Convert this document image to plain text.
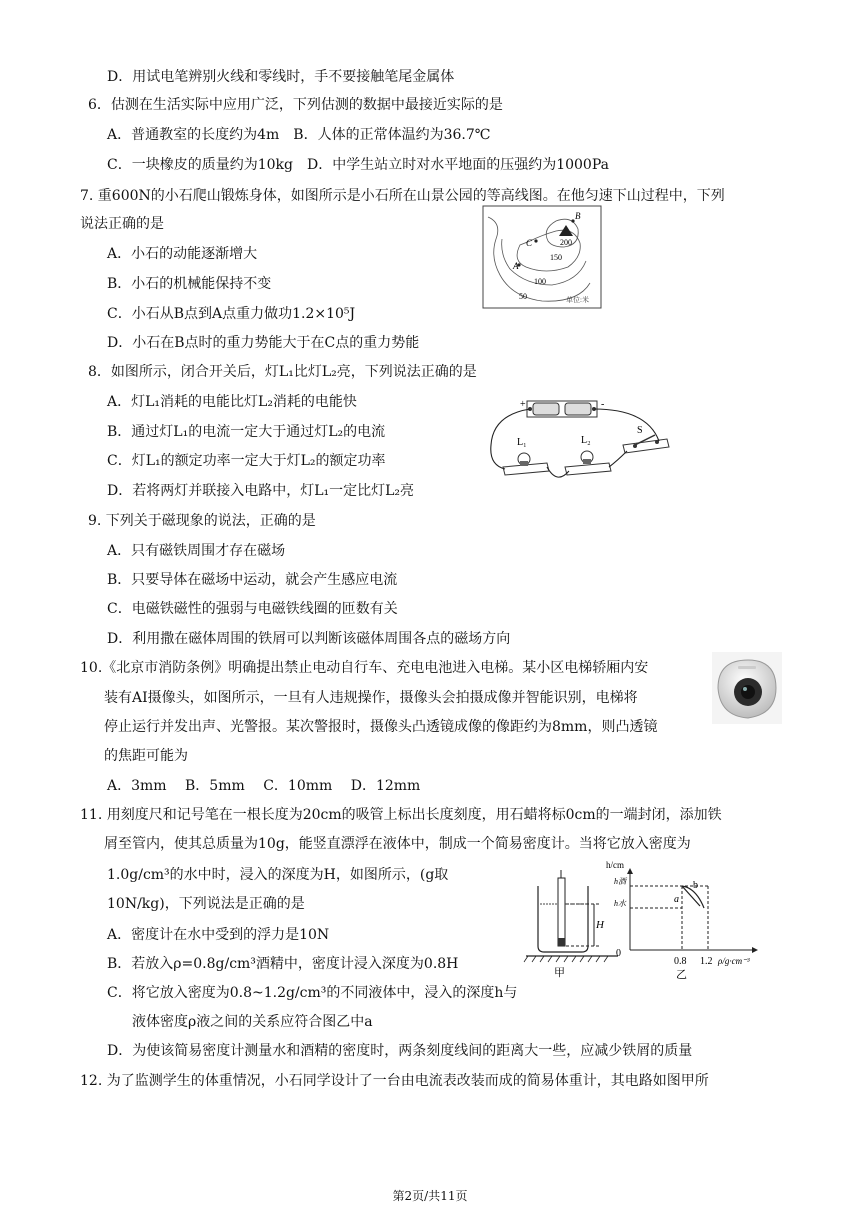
D．用试电笔辨别火线和零线时，手不要接触笔尾金属体
6．估测在生活实际中应用广泛，下列估测的数据中最接近实际的是
A．普通教室的长度约为4m　B．人体的正常体温约为36.7℃
C．一块橡皮的质量约为10kg　D．中学生站立时对水平地面的压强约为1000Pa
7. 重600N的小石爬山锻炼身体，如图所示是小石所在山景公园的等高线图。在他匀速下山过程中，下列
说法正确的是
A．小石的动能逐渐增大
B．小石的机械能保持不变
C．小石从B点到A点重力做功1.2×10⁵J
D．小石在B点时的重力势能大于在C点的重力势能
8．如图所示，闭合开关后，灯L₁比灯L₂亮，下列说法正确的是
A．灯L₁消耗的电能比灯L₂消耗的电能快
B．通过灯L₁的电流一定大于通过灯L₂的电流
C．灯L₁的额定功率一定大于灯L₂的额定功率
D．若将两灯并联接入电路中，灯L₁一定比灯L₂亮
9. 下列关于磁现象的说法，正确的是
A．只有磁铁周围才存在磁场
B．只要导体在磁场中运动，就会产生感应电流
C．电磁铁磁性的强弱与电磁铁线圈的匝数有关
D．利用撒在磁体周围的铁屑可以判断该磁体周围各点的磁场方向
10.《北京市消防条例》明确提出禁止电动自行车、充电电池进入电梯。某小区电梯轿厢内安
装有AI摄像头，如图所示，一旦有人违规操作，摄像头会拍摄成像并智能识别，电梯将
停止运行并发出声、光警报。某次警报时，摄像头凸透镜成像的像距约为8mm，则凸透镜
的焦距可能为
A．3mm　 B．5mm　 C．10mm　 D．12mm
11. 用刻度尺和记号笔在一根长度为20cm的吸管上标出长度刻度，用石蜡将标0cm的一端封闭，添加铁
屑至管内，使其总质量为10g，能竖直漂浮在液体中，制成一个简易密度计。当将它放入密度为
1.0g/cm³的水中时，浸入的深度为H，如图所示，(g取
10N/kg)，下列说法是正确的是
A．密度计在水中受到的浮力是10N
B．若放入ρ=0.8g/cm³酒精中，密度计浸入深度为0.8H
C．将它放入密度为0.8~1.2g/cm³的不同液体中，浸入的深度h与
液体密度ρ液之间的关系应符合图乙中a
D．为使该简易密度计测量水和酒精的密度时，两条刻度线间的距离大一些，应减少铁屑的质量
12. 为了监测学生的体重情况，小石同学设计了一台由电流表改装而成的简易体重计，其电路如图甲所
B
C
A
200
150
100
50	单位:米
+	-
S
L₁	L₂
H
甲
h/cm
h酒
h水	a
b
0
0.8 1.2 ρ/g·cm⁻³
乙
第2页/共11页
